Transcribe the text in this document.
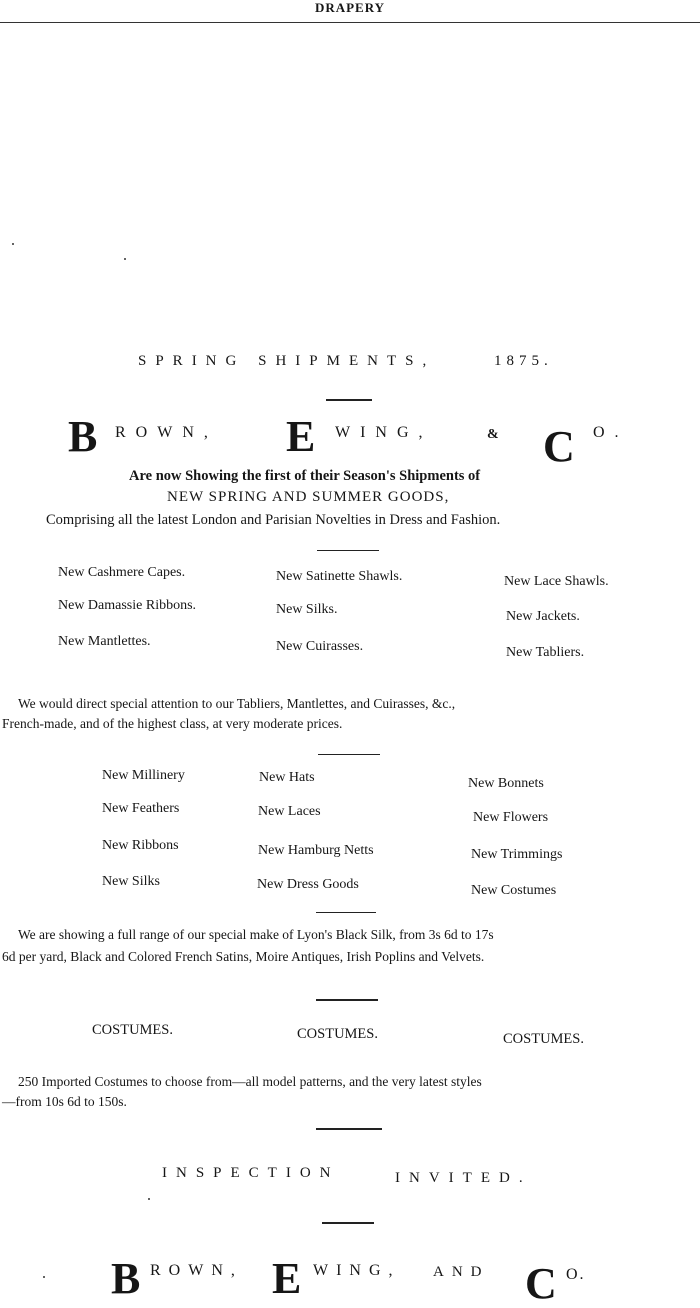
DRAPERY
SPRING SHIPMENTS,	1875.
B ROWN, E WING,	& C O.
Are now Showing the first of their Season's Shipments of
NEW SPRING AND SUMMER GOODS,
Comprising all the latest London and Parisian Novelties in Dress and Fashion.
New Cashmere Capes.	New Satinette Shawls.	New Lace Shawls.
New Damassie Ribbons.	New Silks.	New Jackets.
New Mantlettes.	New Cuirasses.	New Tabliers.
We would direct special attention to our Tabliers, Mantlettes, and Cuirasses, &c.,
French-made, and of the highest class, at very moderate prices.
New Millinery	New Hats	New Bonnets
New Feathers	New Laces	New Flowers
New Ribbons	New Hamburg Netts	New Trimmings
New Silks	New Dress Goods	New Costumes
We are showing a full range of our special make of Lyon's Black Silk, from 3s 6d to 17s
6d per yard, Black and Colored French Satins, Moire Antiques, Irish Poplins and Velvets.
COSTUMES.	COSTUMES.	COSTUMES.
250 Imported Costumes to choose from—all model patterns, and the very latest styles
—from 10s 6d to 150s.
INSPECTION	INVITED.
B ROWN, E WING, AND C O.
